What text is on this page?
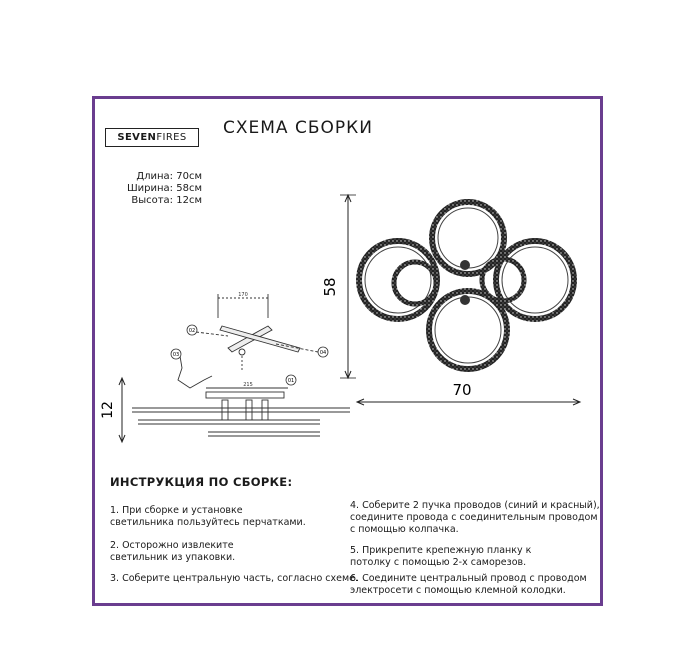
SEVENFIRES	СХЕМА СБОРКИ
Длина: 70см
Ширина: 58см
Высота: 12см
58
70
170
215
01
02
03	04
12
ИНСТРУКЦИЯ ПО СБОРКЕ:
1. При сборке и установке
светильника пользуйтесь перчатками.
2. Осторожно извлеките
светильник из упаковки.
3. Соберите центральную часть, согласно схеме.
4. Соберите 2 пучка проводов (синий и красный),
соедините провода с соединительным проводом
с помощью колпачка.
5. Прикрепите крепежную планку к
потолку с помощью 2-х саморезов.
6. Соедините центральный провод с проводом
электросети с помощью клемной колодки.
